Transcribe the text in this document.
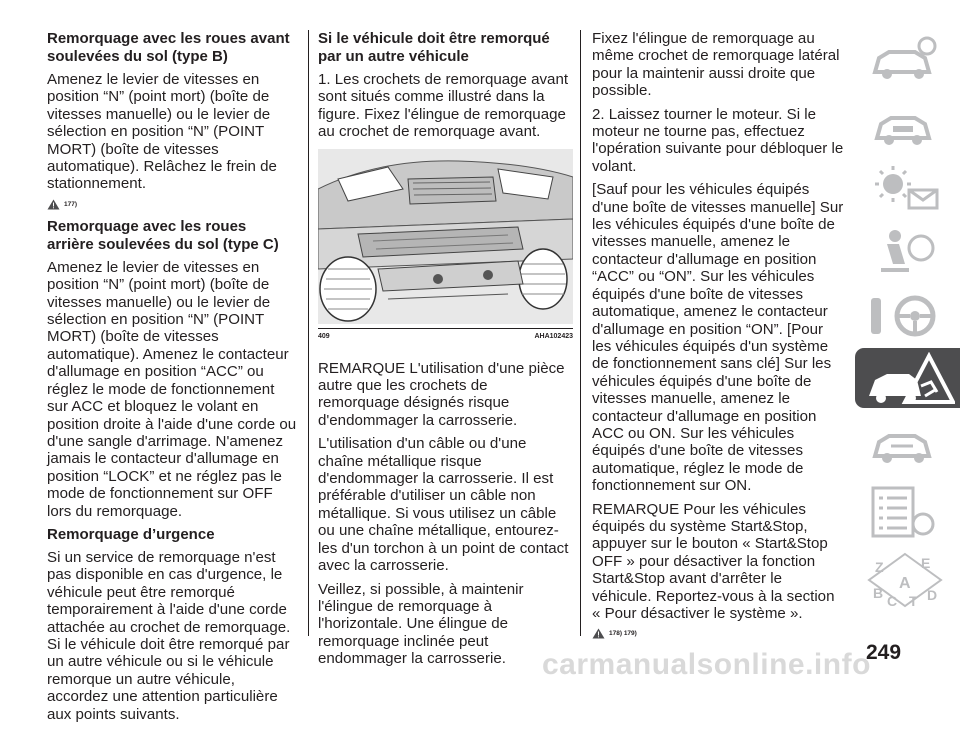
Remorquage avec les roues avant soulevées du sol (type B)

Amenez le levier de vitesses en position “N” (point mort) (boîte de vitesses manuelle) ou le levier de sélection en position “N” (POINT MORT) (boîte de vitesses automatique). Relâchez le frein de stationnement.

177)
Remorquage avec les roues arrière soulevées du sol (type C)

Amenez le levier de vitesses en position “N” (point mort) (boîte de vitesses manuelle) ou le levier de sélection en position “N” (POINT MORT) (boîte de vitesses automatique). Amenez le contacteur d'allumage en position “ACC” ou réglez le mode de fonctionnement sur ACC et bloquez le volant en position droite à l'aide d'une corde ou d'une sangle d'arrimage. N'amenez jamais le contacteur d'allumage en position “LOCK” et ne réglez pas le mode de fonctionnement sur OFF lors du remorquage.

Remorquage d’urgence

Si un service de remorquage n'est pas disponible en cas d'urgence, le véhicule peut être remorqué temporairement à l'aide d'une corde attachée au crochet de remorquage. Si le véhicule doit être remorqué par un autre véhicule ou si le véhicule remorque un autre véhicule, accordez une attention particulière aux points suivants.

Si le véhicule doit être remorqué par un autre véhicule

1. Les crochets de remorquage avant sont situés comme illustré dans la figure. Fixez l'élingue de remorquage au crochet de remorquage avant.

409	AHA102423

REMARQUE L'utilisation d'une pièce autre que les crochets de remorquage désignés risque d'endommager la carrosserie.

L'utilisation d'un câble ou d'une chaîne métallique risque d'endommager la carrosserie. Il est préférable d'utiliser un câble non métallique. Si vous utilisez un câble ou une chaîne métallique, entourez-les d'un torchon à un point de contact avec la carrosserie.

Veillez, si possible, à maintenir l'élingue de remorquage à l'horizontale. Une élingue de remorquage inclinée peut endommager la carrosserie.

Fixez l'élingue de remorquage au même crochet de remorquage latéral pour la maintenir aussi droite que possible.

2. Laissez tourner le moteur. Si le moteur ne tourne pas, effectuez l'opération suivante pour débloquer le volant.

[Sauf pour les véhicules équipés d'une boîte de vitesses manuelle] Sur les véhicules équipés d'une boîte de vitesses manuelle, amenez le contacteur d'allumage en position “ACC” ou “ON”. Sur les véhicules équipés d'une boîte de vitesses automatique, amenez le contacteur d'allumage en position “ON”. [Pour les véhicules équipés d'un système de fonctionnement sans clé] Sur les véhicules équipés d'une boîte de vitesses manuelle, amenez le contacteur d'allumage en position ACC ou ON. Sur les véhicules équipés d'une boîte de vitesses automatique, réglez le mode de fonctionnement sur ON.

REMARQUE Pour les véhicules équipés du système Start&Stop, appuyer sur le bouton « Start&Stop OFF » pour désactiver la fonction Start&Stop avant d'arrêter le véhicule. Reportez-vous à la section « Pour désactiver le système ».

178) 179)
Z	E
B
A
C T D
carmanualsonline.info
249
